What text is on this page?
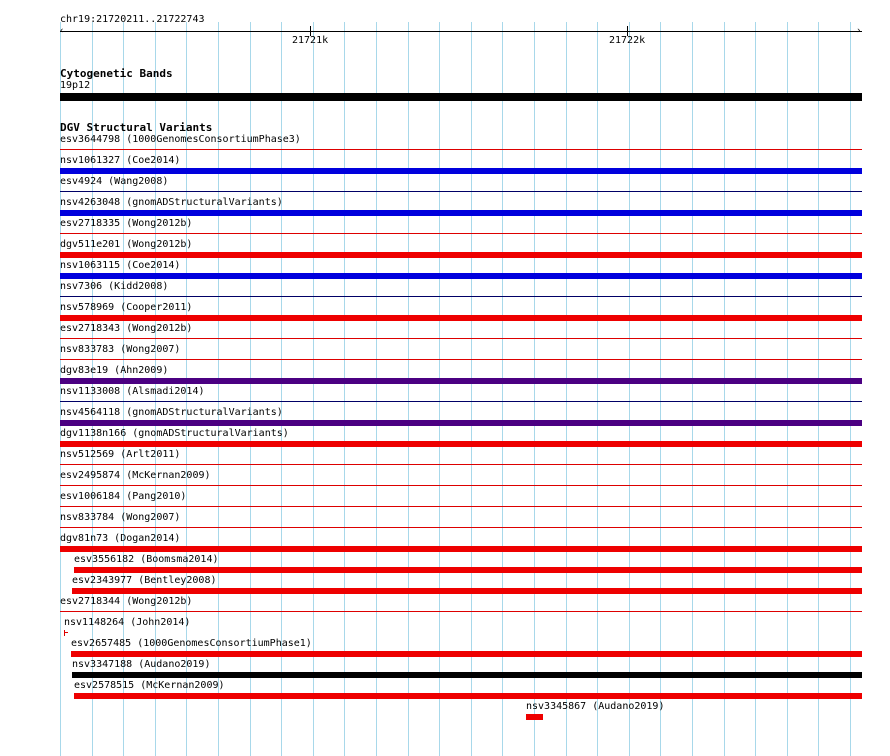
chr19:21720211..21722743
‹	›
21721k	21722k
Cytogenetic Bands
19p12
DGV Structural Variants
esv3644798 (1000GenomesConsortiumPhase3)
nsv1061327 (Coe2014)
esv4924 (Wang2008)
nsv4263048 (gnomADStructuralVariants)
esv2718335 (Wong2012b)
dgv511e201 (Wong2012b)
nsv1063115 (Coe2014)
nsv7306 (Kidd2008)
nsv578969 (Cooper2011)
esv2718343 (Wong2012b)
nsv833783 (Wong2007)
dgv83e19 (Ahn2009)
nsv1133008 (Alsmadi2014)
nsv4564118 (gnomADStructuralVariants)
dgv1138n166 (gnomADStructuralVariants)
nsv512569 (Arlt2011)
esv2495874 (McKernan2009)
esv1006184 (Pang2010)
nsv833784 (Wong2007)
dgv81n73 (Dogan2014)
esv3556182 (Boomsma2014)
esv2343977 (Bentley2008)
esv2718344 (Wong2012b)
nsv1148264 (John2014)
esv2657485 (1000GenomesConsortiumPhase1)
nsv3347188 (Audano2019)
esv2578515 (McKernan2009)
nsv3345867 (Audano2019)
